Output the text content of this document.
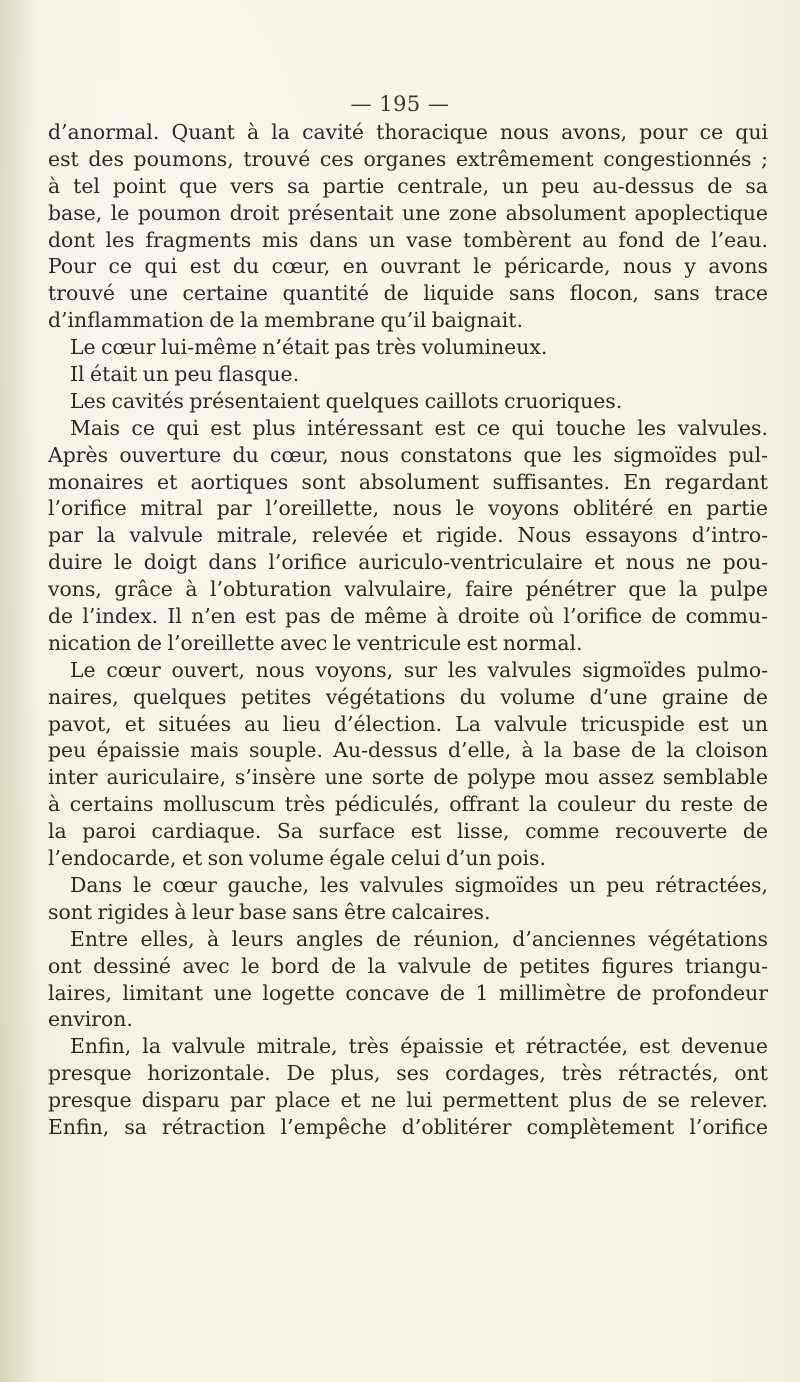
— 195 —
d’anormal. Quant à la cavité thoracique nous avons, pour ce qui
est des poumons, trouvé ces organes extrêmement congestionnés ;
à tel point que vers sa partie centrale, un peu au-dessus de sa
base, le poumon droit présentait une zone absolument apoplectique
dont les fragments mis dans un vase tombèrent au fond de l’eau.
Pour ce qui est du cœur, en ouvrant le péricarde, nous y avons
trouvé une certaine quantité de liquide sans flocon, sans trace
d’inflammation de la membrane qu’il baignait.
Le cœur lui-même n’était pas très volumineux.
Il était un peu flasque.
Les cavités présentaient quelques caillots cruoriques.
Mais ce qui est plus intéressant est ce qui touche les valvules.
Après ouverture du cœur, nous constatons que les sigmoïdes pul-
monaires et aortiques sont absolument suffisantes. En regardant
l’orifice mitral par l’oreillette, nous le voyons oblitéré en partie
par la valvule mitrale, relevée et rigide. Nous essayons d’intro-
duire le doigt dans l’orifice auriculo-ventriculaire et nous ne pou-
vons, grâce à l’obturation valvulaire, faire pénétrer que la pulpe
de l’index. Il n’en est pas de même à droite où l’orifice de commu-
nication de l’oreillette avec le ventricule est normal.
Le cœur ouvert, nous voyons, sur les valvules sigmoïdes pulmo-
naires, quelques petites végétations du volume d’une graine de
pavot, et situées au lieu d’élection. La valvule tricuspide est un
peu épaissie mais souple. Au-dessus d’elle, à la base de la cloison
inter auriculaire, s’insère une sorte de polype mou assez semblable
à certains molluscum très pédiculés, offrant la couleur du reste de
la paroi cardiaque. Sa surface est lisse, comme recouverte de
l’endocarde, et son volume égale celui d’un pois.
Dans le cœur gauche, les valvules sigmoïdes un peu rétractées,
sont rigides à leur base sans être calcaires.
Entre elles, à leurs angles de réunion, d’anciennes végétations
ont dessiné avec le bord de la valvule de petites figures triangu-
laires, limitant une logette concave de 1 millimètre de profondeur
environ.
Enfin, la valvule mitrale, très épaissie et rétractée, est devenue
presque horizontale. De plus, ses cordages, très rétractés, ont
presque disparu par place et ne lui permettent plus de se relever.
Enfin, sa rétraction l’empêche d’oblitérer complètement l’orifice
